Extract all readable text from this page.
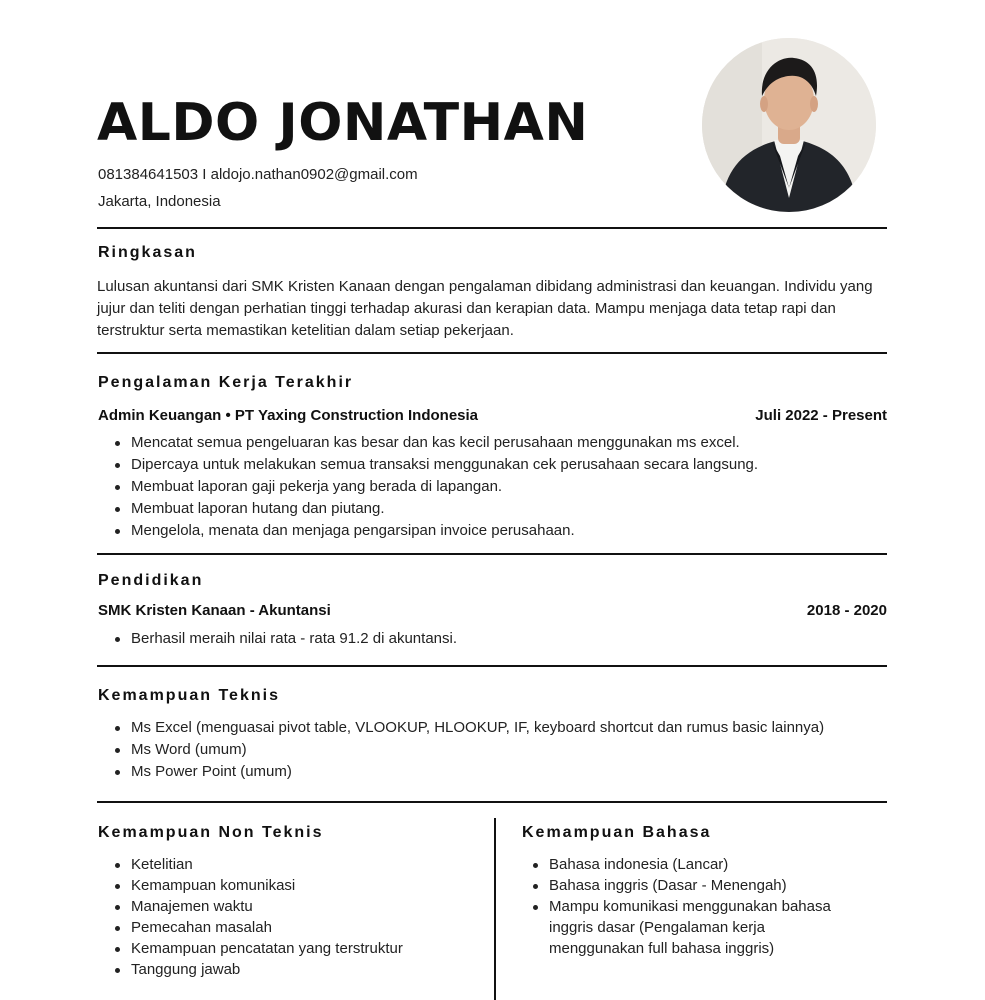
ALDO JONATHAN
081384641503 I aldojo.nathan0902@gmail.com
Jakarta, Indonesia
Ringkasan

Lulusan akuntansi dari SMK Kristen Kanaan dengan pengalaman dibidang administrasi dan keuangan. Individu yang jujur dan teliti dengan perhatian tinggi terhadap akurasi dan kerapian data. Mampu menjaga data tetap rapi dan terstruktur serta memastikan ketelitian dalam setiap pekerjaan.

Pengalaman Kerja Terakhir
Admin Keuangan • PT Yaxing Construction Indonesia	Juli 2022 - Present
Mencatat semua pengeluaran kas besar dan kas kecil perusahaan menggunakan ms excel.
Dipercaya untuk melakukan semua transaksi menggunakan cek perusahaan secara langsung.
Membuat laporan gaji pekerja yang berada di lapangan.
Membuat laporan hutang dan piutang.
Mengelola, menata dan menjaga pengarsipan invoice perusahaan.
Pendidikan
SMK Kristen Kanaan - Akuntansi	2018 - 2020
Berhasil meraih nilai rata - rata 91.2 di akuntansi.
Kemampuan Teknis
Ms Excel (menguasai pivot table, VLOOKUP, HLOOKUP, IF, keyboard shortcut dan rumus basic lainnya)
Ms Word (umum)
Ms Power Point (umum)
Kemampuan Non Teknis
Ketelitian
Kemampuan komunikasi
Manajemen waktu
Pemecahan masalah
Kemampuan pencatatan yang terstruktur
Tanggung jawab
Kemampuan Bahasa
Bahasa indonesia (Lancar)
Bahasa inggris (Dasar - Menengah)
Mampu komunikasi menggunakan bahasa inggris dasar (Pengalaman kerja menggunakan full bahasa inggris)
